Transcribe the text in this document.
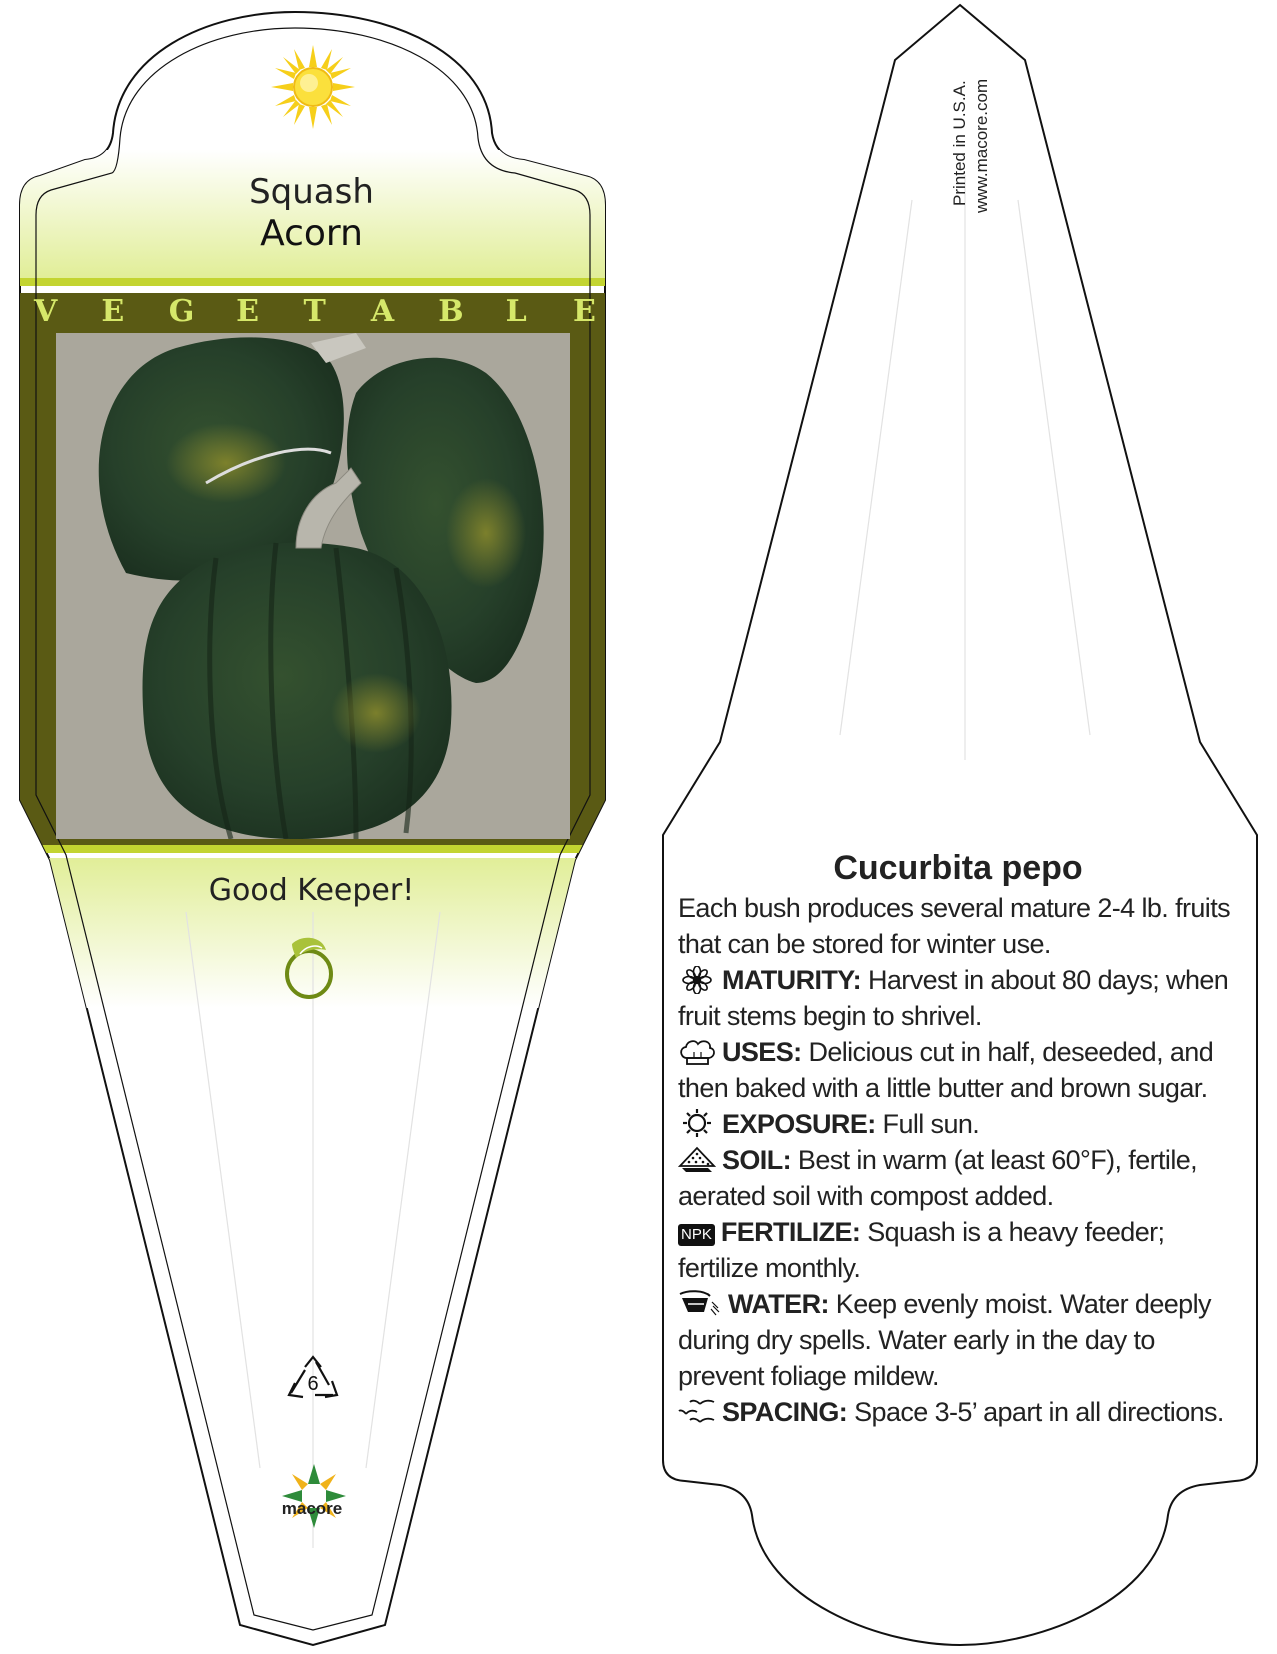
Squash
Acorn
V E G E T A B L E
Good Keeper!
6
macore
Printed in U.S.A. www.macore.com
Cucurbita pepo
Each bush produces several mature 2-4 lb. fruits that can be stored for winter use.
MATURITY: Harvest in about 80 days; when fruit stems begin to shrivel.
USES: Delicious cut in half, deseeded, and then baked with a little butter and brown sugar.
EXPOSURE: Full sun.
SOIL: Best in warm (at least 60°F), fertile, aerated soil with compost added.
NPK FERTILIZE: Squash is a heavy feeder; fertilize monthly.
WATER: Keep evenly moist. Water deeply during dry spells. Water early in the day to prevent foliage mildew.
SPACING: Space 3-5’ apart in all directions.
